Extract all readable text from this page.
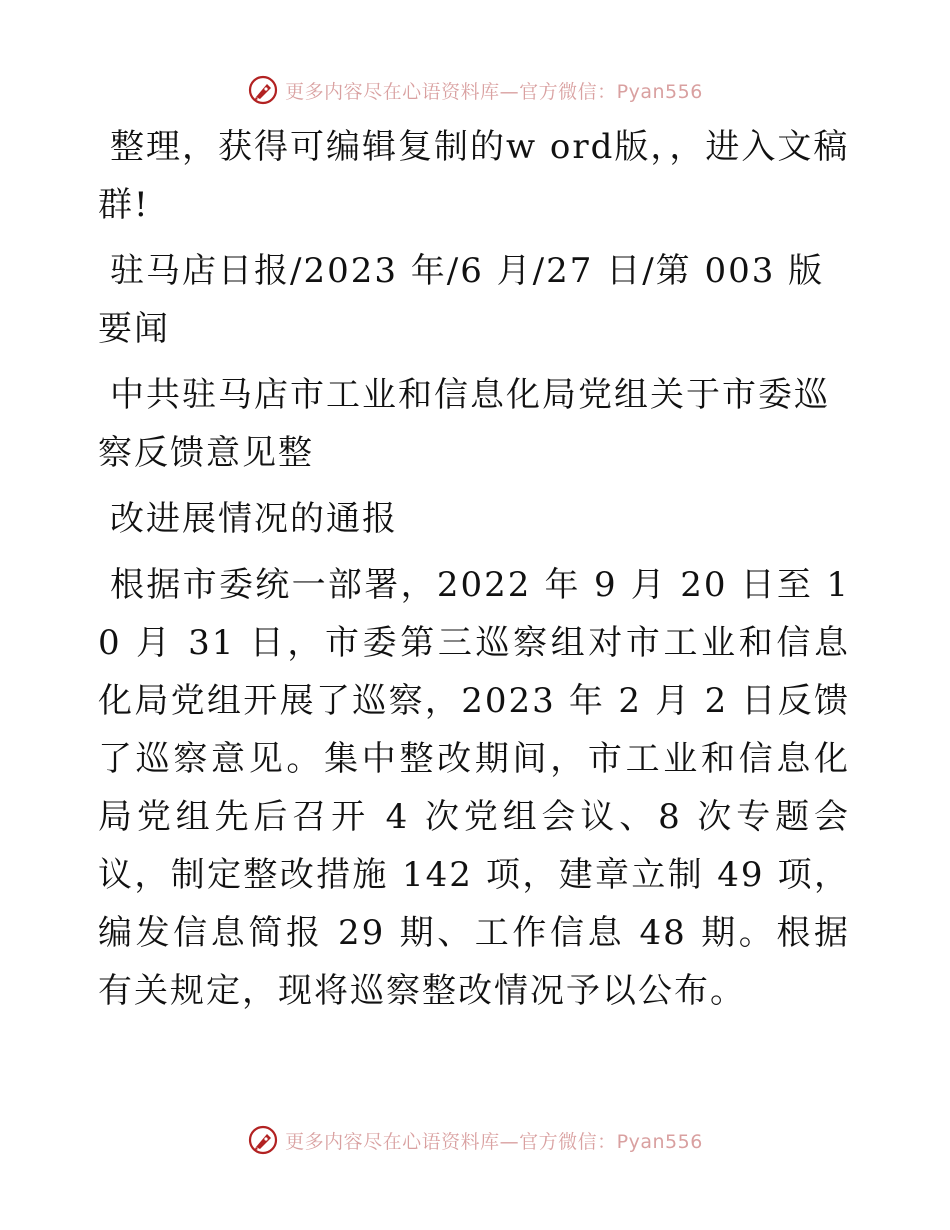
更多内容尽在心语资料库—官方微信：Pyan556

整理，获得可编辑复制的w ord版，，进入文稿群!

驻马店日报/2023 年/6 月/27 日/第 003 版要闻

中共驻马店市工业和信息化局党组关于市委巡察反馈意见整

改进展情况的通报

根据市委统一部署，2022 年 9 月 20 日至 10 月 31 日，市委第三巡察组对市工业和信息化局党组开展了巡察，2023 年 2 月 2 日反馈了巡察意见。集中整改期间，市工业和信息化局党组先后召开 4 次党组会议、8 次专题会议，制定整改措施 142 项，建章立制 49 项，编发信息简报 29 期、工作信息 48 期。根据有关规定，现将巡察整改情况予以公布。

更多内容尽在心语资料库—官方微信：Pyan556
